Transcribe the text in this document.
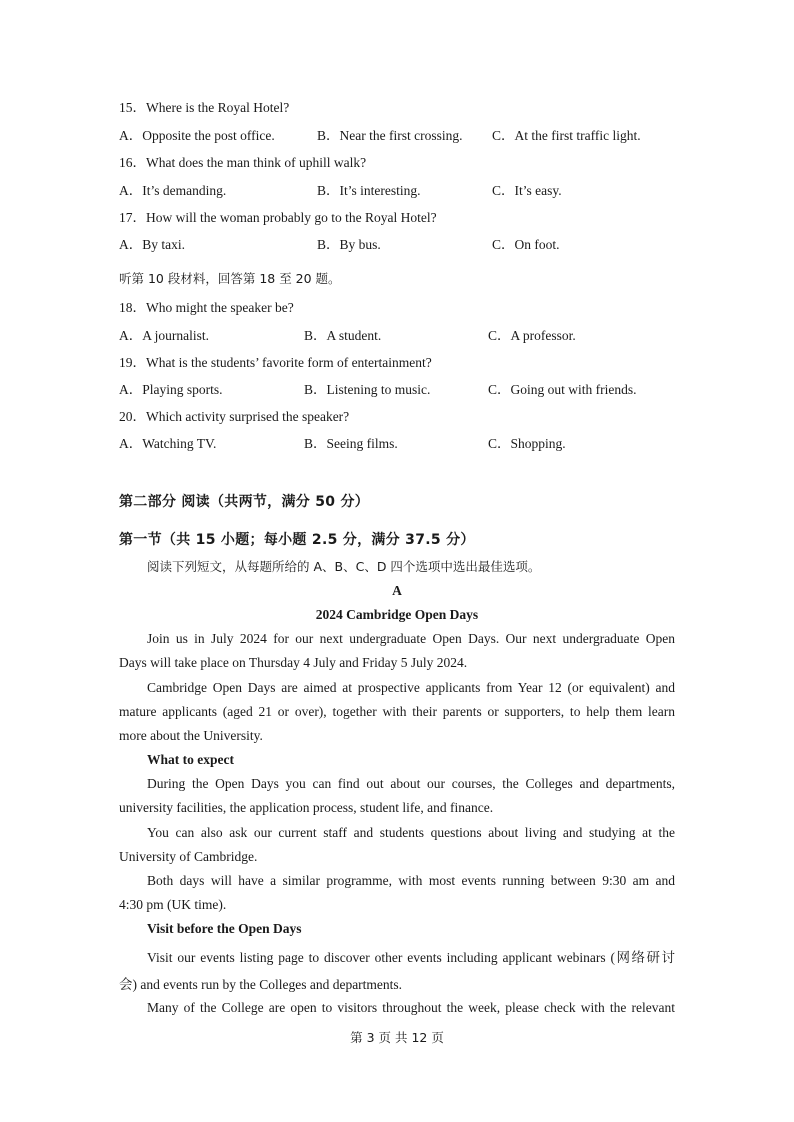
15．Where is the Royal Hotel?
A．Opposite the post office.	B．Near the first crossing. C．At the first traffic light.
16．What does the man think of uphill walk?
A．It’s demanding.	B．It’s interesting.	C．It’s easy.
17．How will the woman probably go to the Royal Hotel?
A．By taxi.	B．By bus.	C．On foot.
听第 10 段材料，回答第 18 至 20 题。
18．Who might the speaker be?
A．A journalist.	B．A student.	C．A professor.
19．What is the students’ favorite form of entertainment?
A．Playing sports.	B．Listening to music.	C．Going out with friends.
20．Which activity surprised the speaker?
A．Watching TV.	B．Seeing films.	C．Shopping.
第二部分 阅读（共两节，满分 50 分）
第一节（共 15 小题；每小题 2.5 分，满分 37.5 分）
阅读下列短文，从每题所给的 A、B、C、D 四个选项中选出最佳选项。
A
2024 Cambridge Open Days
Join us in July 2024 for our next undergraduate Open Days. Our next undergraduate Open
Days will take place on Thursday 4 July and Friday 5 July 2024.
Cambridge Open Days are aimed at prospective applicants from Year 12 (or equivalent) and
mature applicants (aged 21 or over), together with their parents or supporters, to help them learn
more about the University.
What to expect
During the Open Days you can find out about our courses, the Colleges and departments,
university facilities, the application process, student life, and finance.
You can also ask our current staff and students questions about living and studying at the
University of Cambridge.
Both days will have a similar programme, with most events running between 9:30 am and
4:30 pm (UK time).
Visit before the Open Days
Visit our events listing page to discover other events including applicant webinars (网络研讨
会) and events run by the Colleges and departments.
Many of the College are open to visitors throughout the week, please check with the relevant
第 3 页 共 12 页
